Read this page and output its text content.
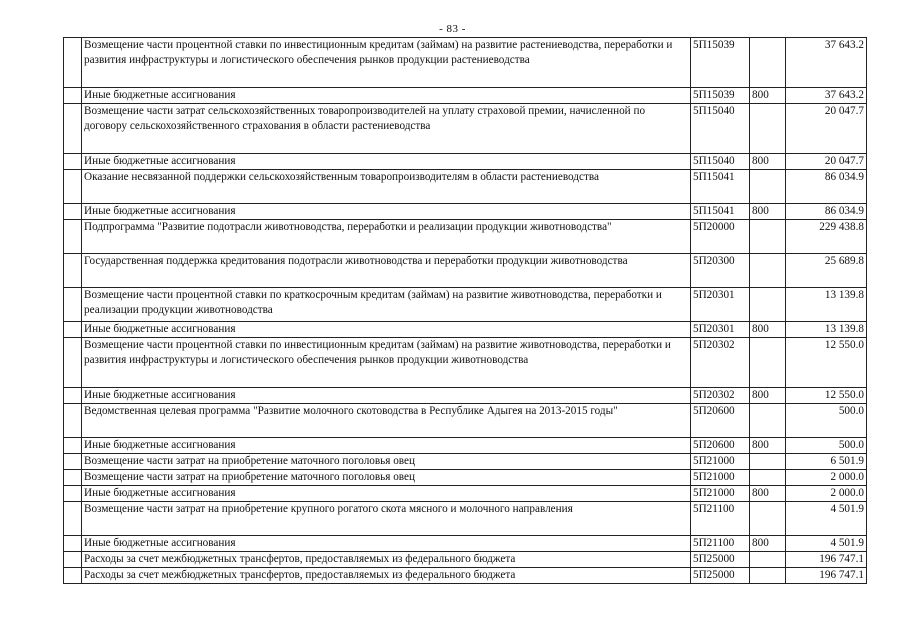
- 83 -
	Возмещение части процентной ставки по инвестиционным кредитам (займам) на развитие растениеводства, переработки и развития инфраструктуры и логистического обеспечения рынков продукции растениеводства	5П15039		37 643.2
	Иные бюджетные ассигнования	5П15039	800	37 643.2
	Возмещение части затрат сельскохозяйственных товаропроизводителей на уплату страховой премии, начисленной по договору сельскохозяйственного страхования в области растениеводства	5П15040		20 047.7
	Иные бюджетные ассигнования	5П15040	800	20 047.7
	Оказание несвязанной поддержки сельскохозяйственным товаропроизводителям в области растениеводства	5П15041		86 034.9
	Иные бюджетные ассигнования	5П15041	800	86 034.9
	Подпрограмма "Развитие подотрасли животноводства, переработки и реализации продукции животноводства"	5П20000		229 438.8
	Государственная поддержка кредитования подотрасли животноводства и переработки продукции животноводства	5П20300		25 689.8
	Возмещение части процентной ставки по краткосрочным кредитам (займам) на развитие животноводства, переработки и реализации продукции животноводства	5П20301		13 139.8
	Иные бюджетные ассигнования	5П20301	800	13 139.8
	Возмещение части процентной ставки по инвестиционным кредитам (займам) на развитие животноводства, переработки и развития инфраструктуры и логистического обеспечения рынков продукции животноводства	5П20302		12 550.0
	Иные бюджетные ассигнования	5П20302	800	12 550.0
	Ведомственная целевая программа "Развитие молочного скотоводства в Республике Адыгея на 2013-2015 годы"	5П20600		500.0
	Иные бюджетные ассигнования	5П20600	800	500.0
	Возмещение части затрат на приобретение маточного поголовья овец	5П21000		6 501.9
	Возмещение части затрат на приобретение маточного поголовья овец	5П21000		2 000.0
	Иные бюджетные ассигнования	5П21000	800	2 000.0
	Возмещение части затрат на приобретение крупного рогатого скота мясного и молочного направления	5П21100		4 501.9
	Иные бюджетные ассигнования	5П21100	800	4 501.9
	Расходы за счет межбюджетных трансфертов, предоставляемых из федерального бюджета	5П25000		196 747.1
	Расходы за счет межбюджетных трансфертов, предоставляемых из федерального бюджета	5П25000		196 747.1
